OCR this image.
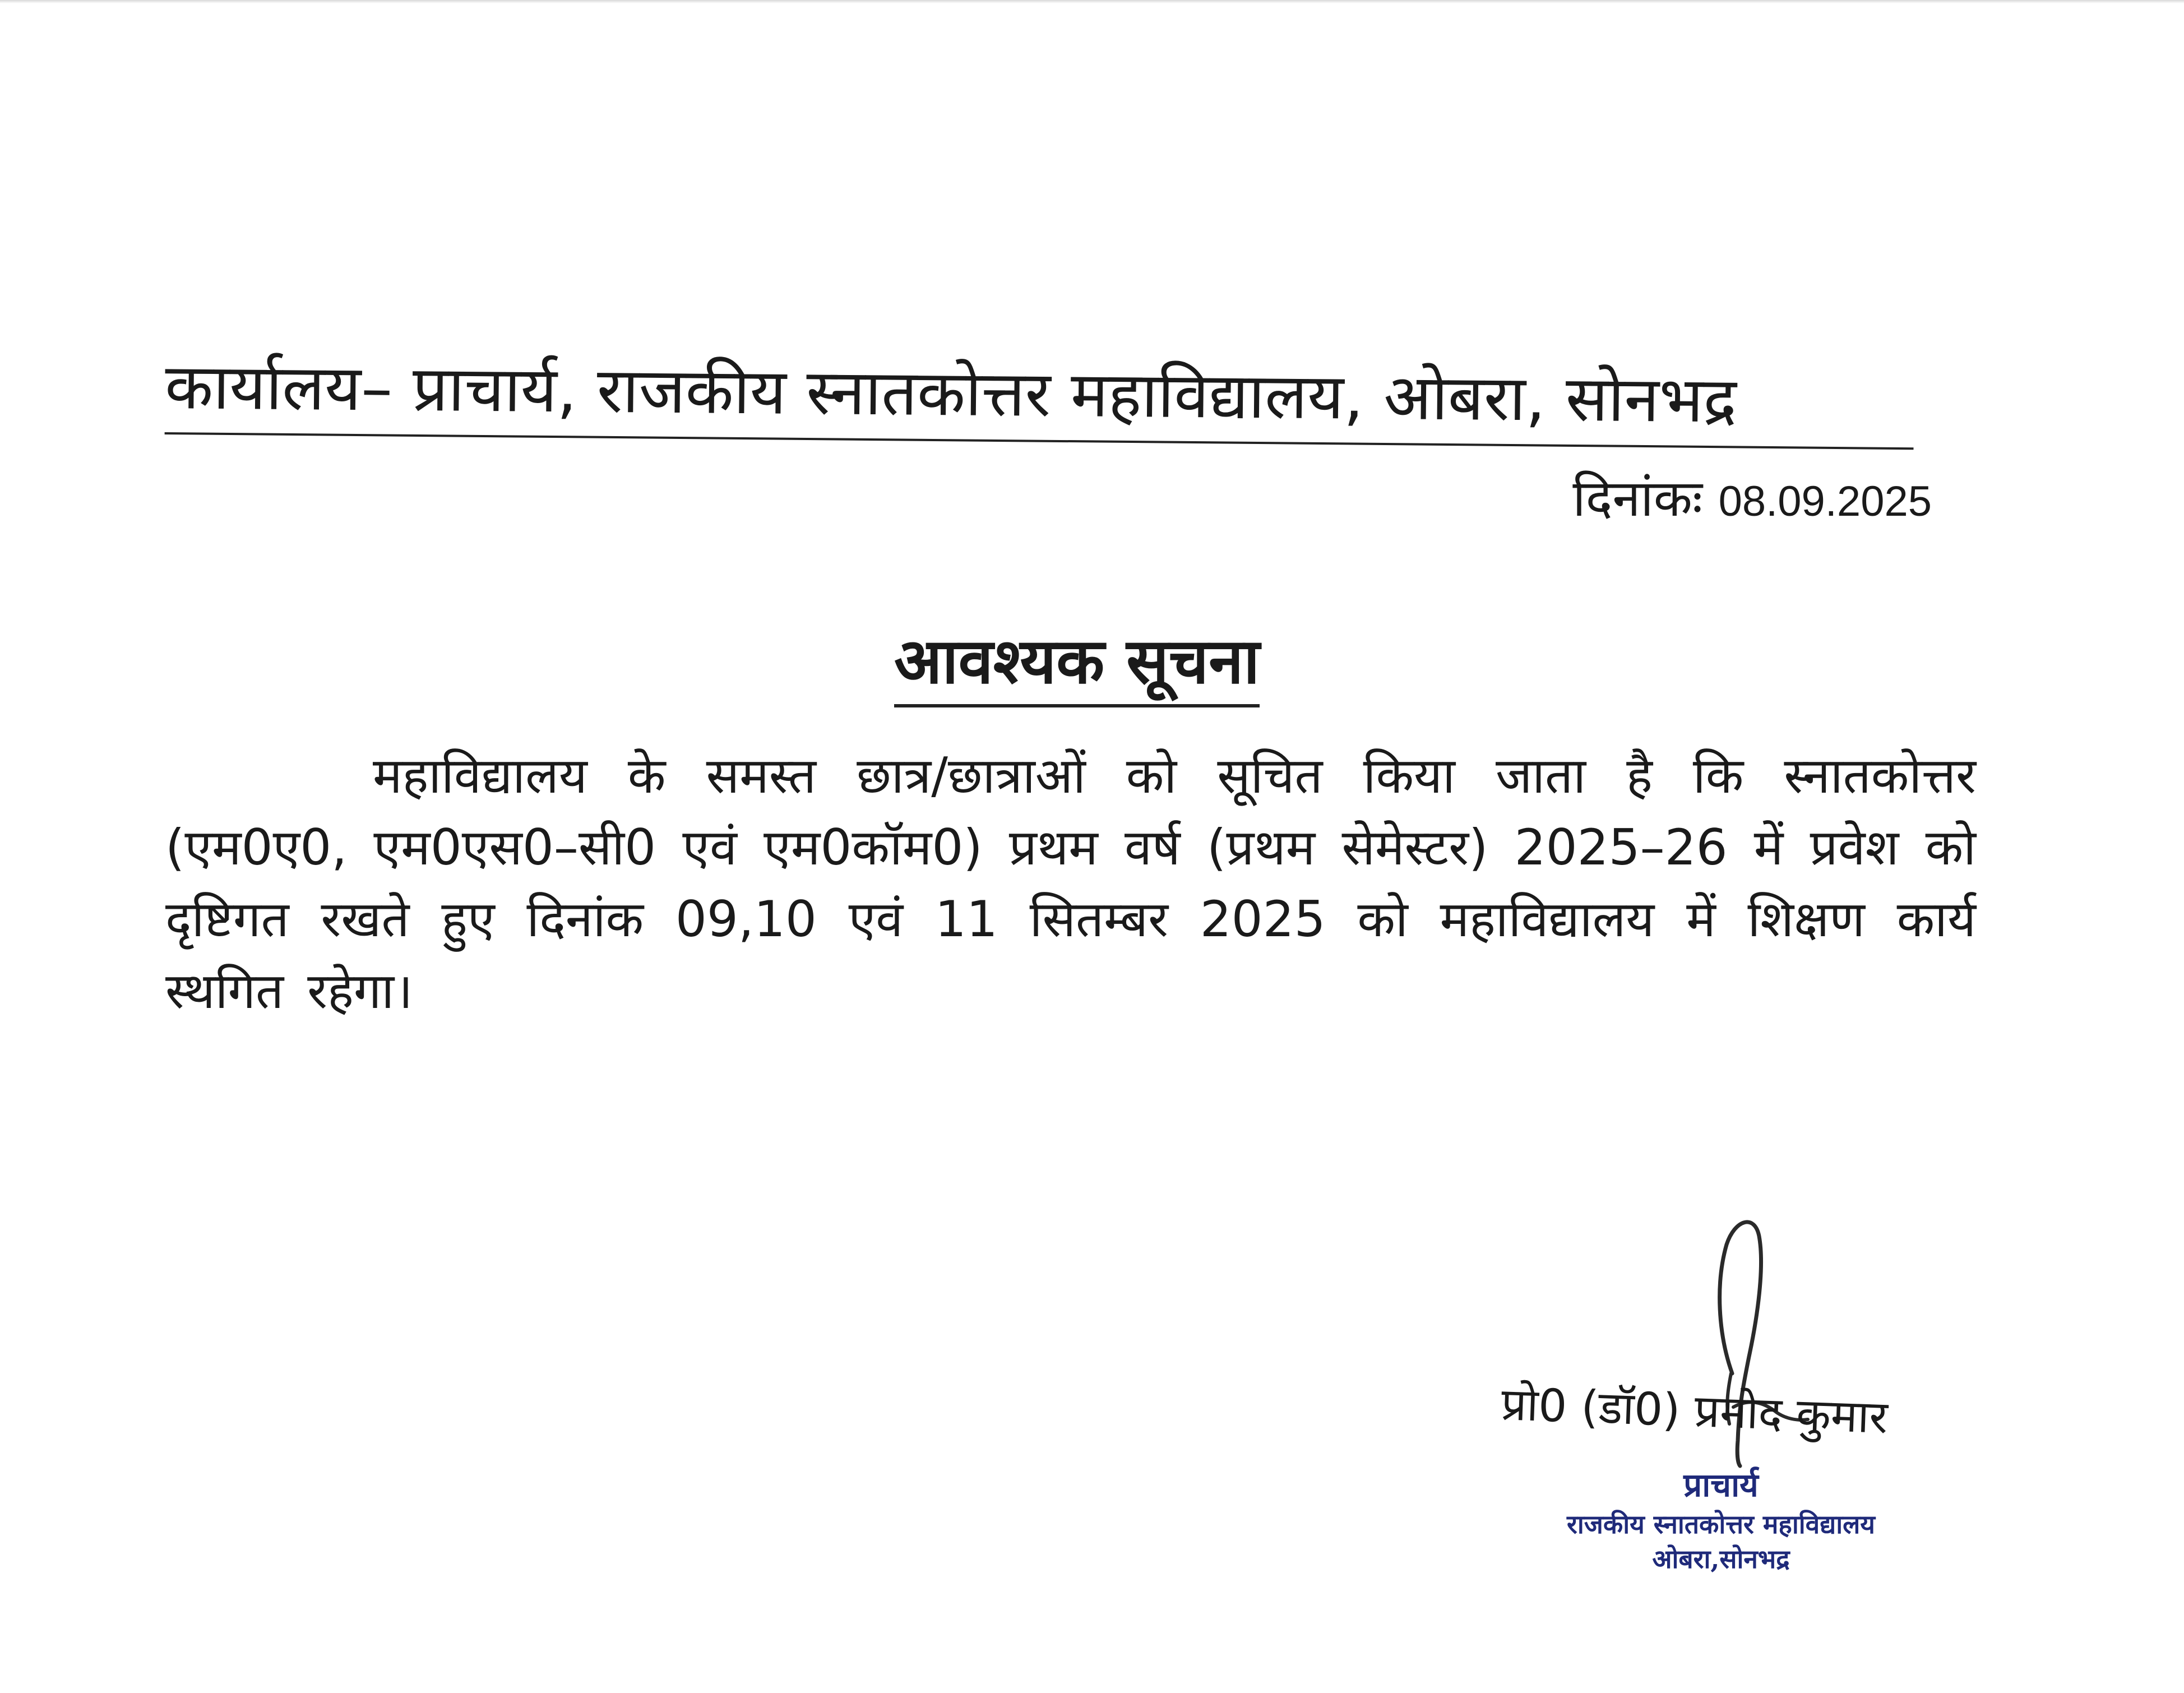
कार्यालय– प्राचार्य, राजकीय स्नातकोत्तर महाविद्यालय, ओबरा, सोनभद्र
दिनांकः 08.09.2025
आवश्यक सूचना
महाविद्यालय के समस्त छात्र/छात्राओं को सूचित किया जाता है कि स्नातकोत्तर (एम0ए0, एम0एस0–सी0 एवं एम0कॉम0) प्रथम वर्ष (प्रथम सेमेस्टर) 2025–26 में प्रवेश को दृष्टिगत रखते हुए दिनांक 09,10 एवं 11 सितम्बर 2025 को महाविद्यालय में शिक्षण कार्य स्थगित रहेगा।
प्रो0 (डॉ0) प्रमोद कुमार
प्राचार्य
राजकीय स्नातकोत्तर महाविद्यालय
ओबरा,सोनभद्र
